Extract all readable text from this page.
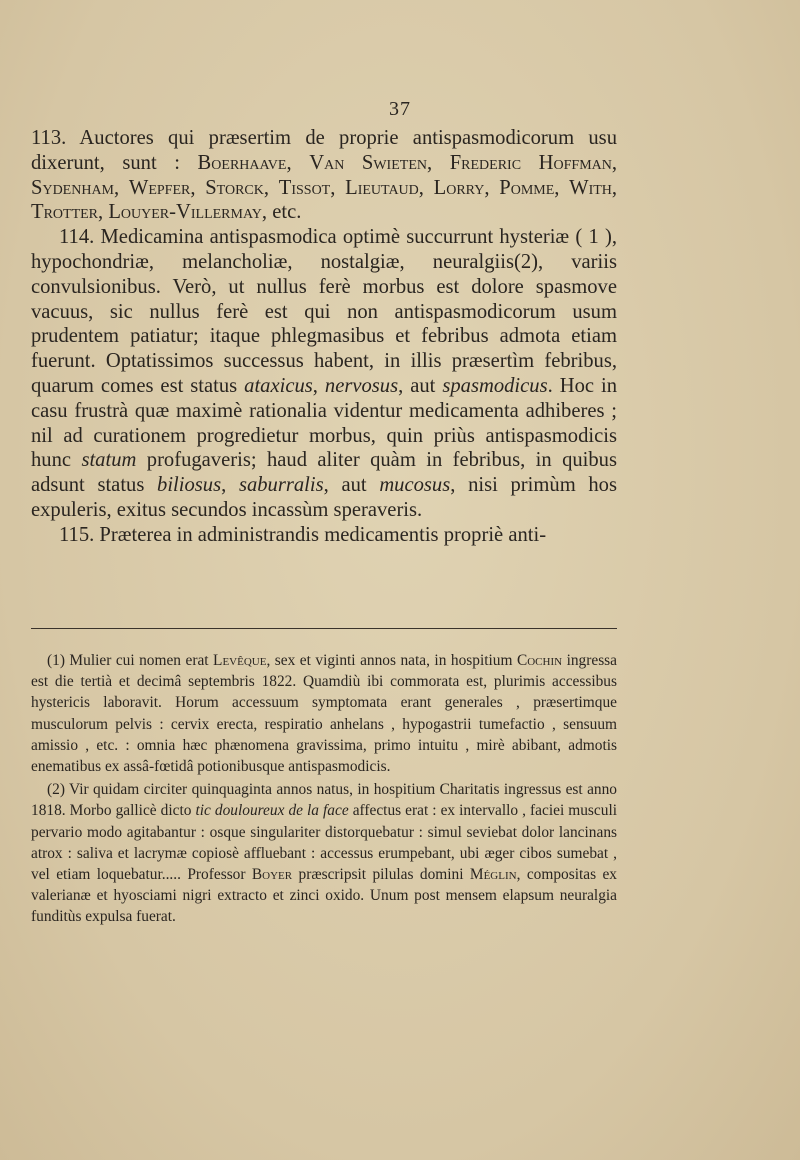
37

113. Auctores qui præsertim de proprie antispasmodicorum usu dixerunt, sunt : Boerhaave, Van Swieten, Frederic Hoffman, Sydenham, Wepfer, Storck, Tissot, Lieutaud, Lorry, Pomme, With, Trotter, Louyer-Villermay, etc.

114. Medicamina antispasmodica optimè succurrunt hysteriæ ( 1 ), hypochondriæ, melancholiæ, nostalgiæ, neuralgiis(2), variis convulsionibus. Verò, ut nullus ferè morbus est dolore spasmove vacuus, sic nullus ferè est qui non antispasmodicorum usum prudentem patiatur; itaque phlegmasibus et febribus admota etiam fuerunt. Optatissimos successus habent, in illis præsertìm febribus, quarum comes est status ataxicus, nervosus, aut spasmodicus. Hoc in casu frustrà quæ maximè rationalia videntur medicamenta adhiberes ; nil ad curationem progredietur morbus, quin priùs antispasmodicis hunc statum profugaveris; haud aliter quàm in febribus, in quibus adsunt status biliosus, saburralis, aut mucosus, nisi primùm hos expuleris, exitus secundos incassùm speraveris.

115. Præterea in administrandis medicamentis propriè anti-

(1) Mulier cui nomen erat Levêque, sex et viginti annos nata, in hospitium Cochin ingressa est die tertià et decimâ septembris 1822. Quamdiù ibi commorata est, plurimis accessibus hystericis laboravit. Horum accessuum symptomata erant generales , præsertimque musculorum pelvis : cervix erecta, respiratio anhelans , hypogastrii tumefactio , sensuum amissio , etc. : omnia hæc phænomena gravissima, primo intuitu , mirè abibant, admotis enematibus ex assâ-fœtidâ potionibusque antispasmodicis.

(2) Vir quidam circiter quinquaginta annos natus, in hospitium Charitatis ingressus est anno 1818. Morbo gallicè dicto tic douloureux de la face affectus erat : ex intervallo , faciei musculi pervario modo agitabantur : osque singulariter distorquebatur : simul seviebat dolor lancinans atrox : saliva et lacrymæ copiosè affluebant : accessus erumpebant, ubi æger cibos sumebat , vel etiam loquebatur..... Professor Boyer præscripsit pilulas domini Méglin, compositas ex valerianæ et hyosciami nigri extracto et zinci oxido. Unum post mensem elapsum neuralgia funditùs expulsa fuerat.
